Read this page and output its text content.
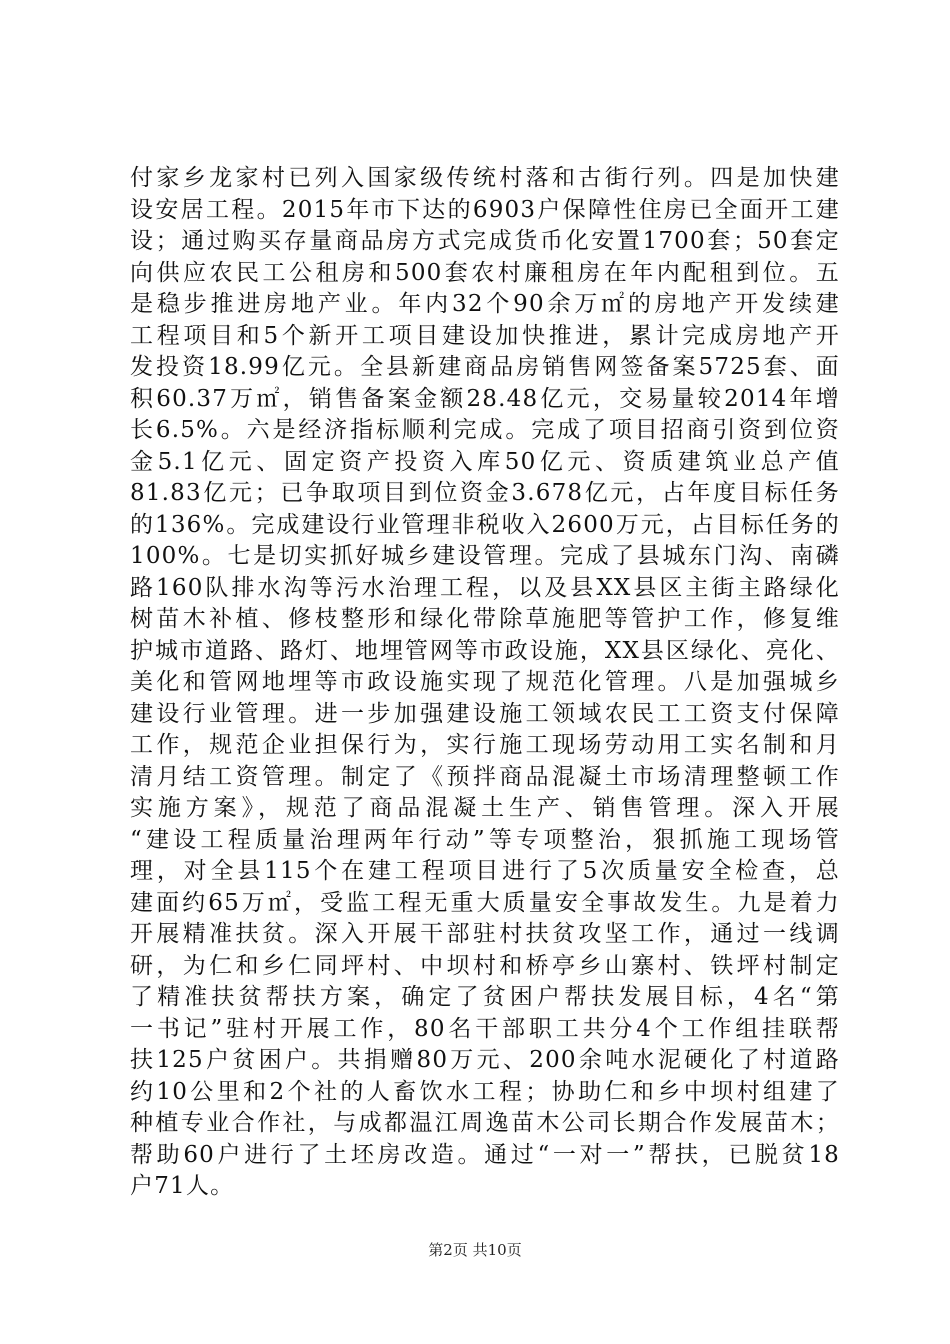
付家乡龙家村已列入国家级传统村落和古街行列。四是加快建
设安居工程。2015年市下达的6903户保障性住房已全面开工建
设；通过购买存量商品房方式完成货币化安置1700套；50套定
向供应农民工公租房和500套农村廉租房在年内配租到位。五
是稳步推进房地产业。年内32个90余万㎡的房地产开发续建
工程项目和5个新开工项目建设加快推进，累计完成房地产开
发投资18.99亿元。全县新建商品房销售网签备案5725套、面
积60.37万㎡，销售备案金额28.48亿元，交易量较2014年增
长6.5%。六是经济指标顺利完成。完成了项目招商引资到位资
金5.1亿元、固定资产投资入库50亿元、资质建筑业总产值
81.83亿元；已争取项目到位资金3.678亿元，占年度目标任务
的136%。完成建设行业管理非税收入2600万元，占目标任务的
100%。七是切实抓好城乡建设管理。完成了县城东门沟、南磷
路160队排水沟等污水治理工程，以及县XX县区主街主路绿化
树苗木补植、修枝整形和绿化带除草施肥等管护工作，修复维
护城市道路、路灯、地埋管网等市政设施，XX县区绿化、亮化、
美化和管网地埋等市政设施实现了规范化管理。八是加强城乡
建设行业管理。进一步加强建设施工领域农民工工资支付保障
工作，规范企业担保行为，实行施工现场劳动用工实名制和月
清月结工资管理。制定了《预拌商品混凝土市场清理整顿工作
实施方案》，规范了商品混凝土生产、销售管理。深入开展
“建设工程质量治理两年行动”等专项整治，狠抓施工现场管
理，对全县115个在建工程项目进行了5次质量安全检查，总
建面约65万㎡，受监工程无重大质量安全事故发生。九是着力
开展精准扶贫。深入开展干部驻村扶贫攻坚工作，通过一线调
研，为仁和乡仁同坪村、中坝村和桥亭乡山寨村、铁坪村制定
了精准扶贫帮扶方案，确定了贫困户帮扶发展目标，4名“第
一书记”驻村开展工作，80名干部职工共分4个工作组挂联帮
扶125户贫困户。共捐赠80万元、200余吨水泥硬化了村道路
约10公里和2个社的人畜饮水工程；协助仁和乡中坝村组建了
种植专业合作社，与成都温江周逸苗木公司长期合作发展苗木；
帮助60户进行了土坯房改造。通过“一对一”帮扶，已脱贫18
户71人。
第2页 共10页
